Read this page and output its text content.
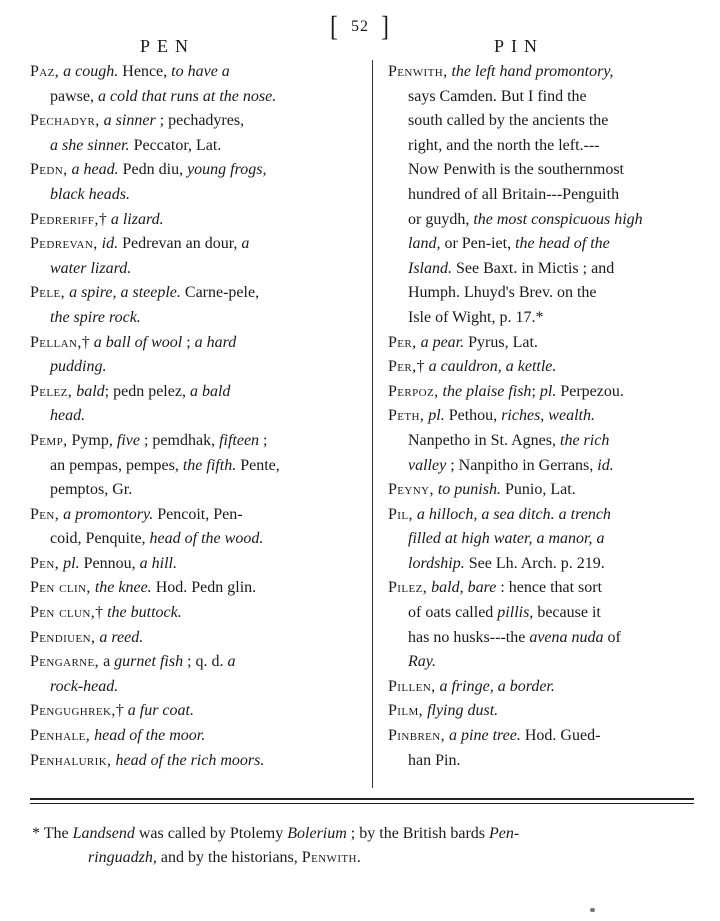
[ 52 ]
PEN	PIN
Paz, a cough. Hence, to have a
pawse, a cold that runs at the nose.
Pechadyr, a sinner ; pechadyres,
a she sinner. Peccator, Lat.
Pedn, a head. Pedn diu, young frogs,
black heads.
Pedreriff,† a lizard.
Pedrevan, id. Pedrevan an dour, a
water lizard.
Pele, a spire, a steeple. Carne-pele,
the spire rock.
Pellan,† a ball of wool ; a hard
pudding.
Pelez, bald; pedn pelez, a bald
head.
Pemp, Pymp, five ; pemdhak, fifteen ;
an pempas, pempes, the fifth. Pente,
pemptos, Gr.
Pen, a promontory. Pencoit, Pen-
coid, Penquite, head of the wood.
Pen, pl. Pennou, a hill.
Pen clin, the knee. Hod. Pedn glin.
Pen clun,† the buttock.
Pendiuen, a reed.
Pengarne, a gurnet fish ; q. d. a
rock-head.
Pengughrek,† a fur coat.
Penhale, head of the moor.
Penhalurik, head of the rich moors.
Penwith, the left hand promontory,
says Camden. But I find the
south called by the ancients the
right, and the north the left.---
Now Penwith is the southernmost
hundred of all Britain---Penguith
or guydh, the most conspicuous high
land, or Pen-iet, the head of the
Island. See Baxt. in Mictis ; and
Humph. Lhuyd's Brev. on the
Isle of Wight, p. 17.*
Per, a pear. Pyrus, Lat.
Per,† a cauldron, a kettle.
Perpoz, the plaise fish; pl. Perpezou.
Peth, pl. Pethou, riches, wealth.
Nanpetho in St. Agnes, the rich
valley ; Nanpitho in Gerrans, id.
Peyny, to punish. Punio, Lat.
Pil, a hilloch, a sea ditch. a trench
filled at high water, a manor, a
lordship. See Lh. Arch. p. 219.
Pilez, bald, bare : hence that sort
of oats called pillis, because it
has no husks---the avena nuda of
Ray.
Pillen, a fringe, a border.
Pilm, flying dust.
Pinbren, a pine tree. Hod. Gued-
han Pin.
* The Landsend was called by Ptolemy Bolerium ; by the British bards Pen-
ringuadzh, and by the historians, Penwith.
